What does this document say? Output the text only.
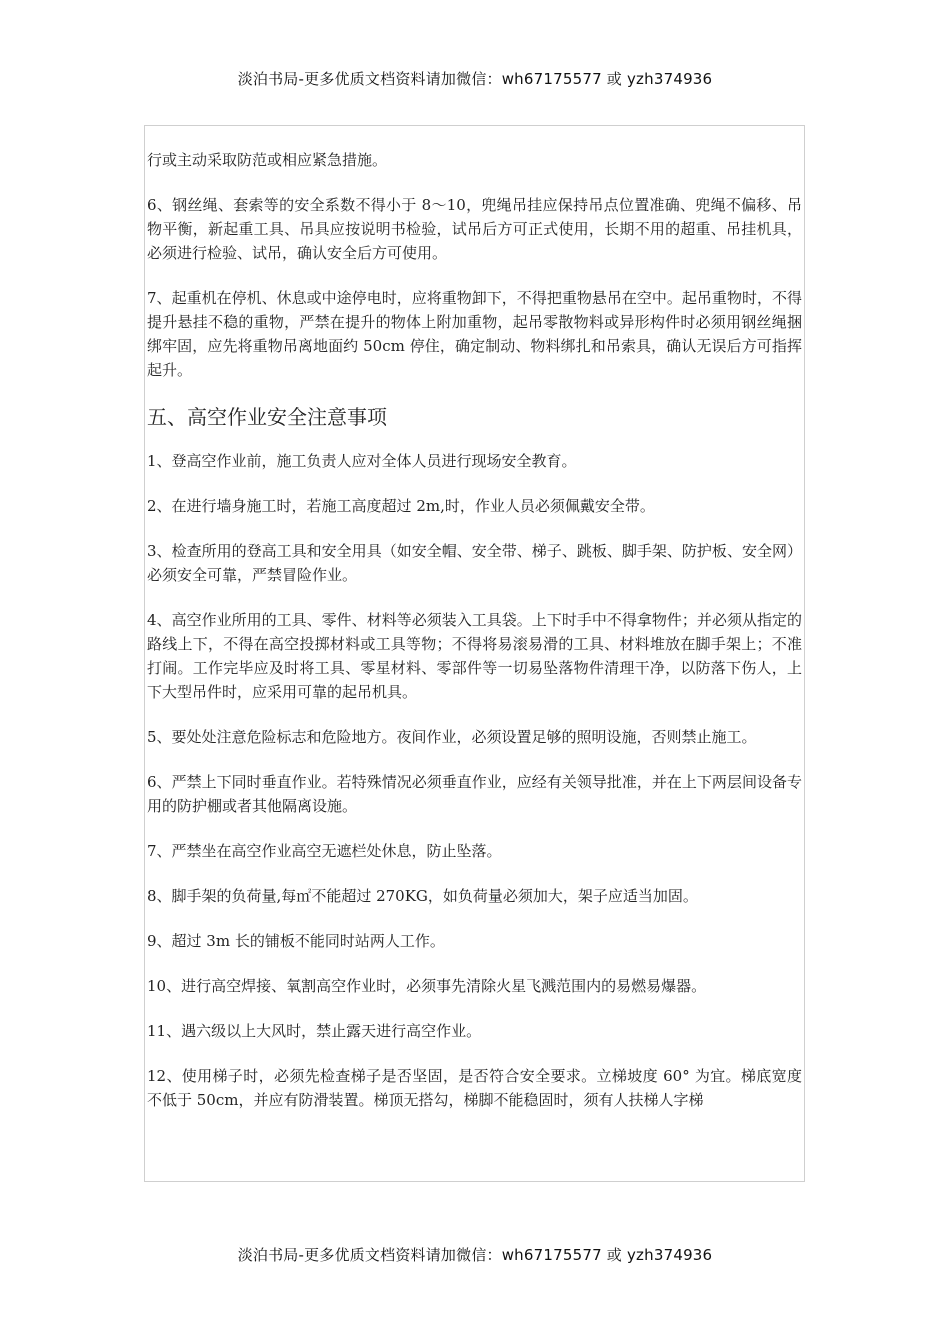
淡泊书局-更多优质文档资料请加微信：wh67175577 或 yzh374936

行或主动采取防范或相应紧急措施。

6、钢丝绳、套索等的安全系数不得小于 8～10，兜绳吊挂应保持吊点位置准确、兜绳不偏移、吊物平衡，新起重工具、吊具应按说明书检验，试吊后方可正式使用，长期不用的超重、吊挂机具，必须进行检验、试吊，确认安全后方可使用。

7、起重机在停机、休息或中途停电时，应将重物卸下，不得把重物悬吊在空中。起吊重物时，不得提升悬挂不稳的重物，严禁在提升的物体上附加重物，起吊零散物料或异形构件时必须用钢丝绳捆绑牢固，应先将重物吊离地面约 50cm 停住，确定制动、物料绑扎和吊索具，确认无误后方可指挥起升。

五、高空作业安全注意事项

1、登高空作业前，施工负责人应对全体人员进行现场安全教育。

2、在进行墙身施工时，若施工高度超过 2m,时，作业人员必须佩戴安全带。

3、检查所用的登高工具和安全用具（如安全帽、安全带、梯子、跳板、脚手架、防护板、安全网）必须安全可靠，严禁冒险作业。

4、高空作业所用的工具、零件、材料等必须装入工具袋。上下时手中不得拿物件；并必须从指定的路线上下，不得在高空投掷材料或工具等物；不得将易滚易滑的工具、材料堆放在脚手架上；不准打闹。工作完毕应及时将工具、零星材料、零部件等一切易坠落物件清理干净，以防落下伤人，上下大型吊件时，应采用可靠的起吊机具。

5、要处处注意危险标志和危险地方。夜间作业，必须设置足够的照明设施，否则禁止施工。

6、严禁上下同时垂直作业。若特殊情况必须垂直作业，应经有关领导批准，并在上下两层间设备专用的防护棚或者其他隔离设施。

7、严禁坐在高空作业高空无遮栏处休息，防止坠落。

8、脚手架的负荷量,每㎡不能超过 270KG，如负荷量必须加大，架子应适当加固。

9、超过 3m 长的铺板不能同时站两人工作。

10、进行高空焊接、氧割高空作业时，必须事先清除火星飞溅范围内的易燃易爆器。

11、遇六级以上大风时，禁止露天进行高空作业。

12、使用梯子时，必须先检查梯子是否坚固，是否符合安全要求。立梯坡度 60° 为宜。梯底宽度不低于 50cm，并应有防滑装置。梯顶无搭勾，梯脚不能稳固时，须有人扶梯人字梯

淡泊书局-更多优质文档资料请加微信：wh67175577 或 yzh374936
